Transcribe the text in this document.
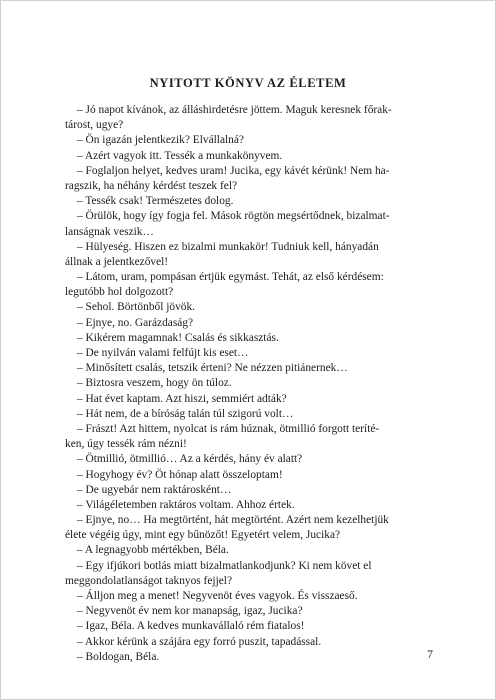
NYITOTT KÖNYV AZ ÉLETEM
– Jó napot kívánok, az álláshirdetésre jöttem. Maguk keresnek főrak-
tárost, ugye?
– Ön igazán jelentkezik? Elvállalná?
– Azért vagyok itt. Tessék a munkakönyvem.
– Foglaljon helyet, kedves uram! Jucika, egy kávét kérünk! Nem ha-
ragszik, ha néhány kérdést teszek fel?
– Tessék csak! Természetes dolog.
– Örülök, hogy így fogja fel. Mások rögtön megsértődnek, bizalmat-
lanságnak veszik…
– Hülyeség. Hiszen ez bizalmi munkakör! Tudniuk kell, hányadán
állnak a jelentkezővel!
– Látom, uram, pompásan értjük egymást. Tehát, az első kérdésem:
legutóbb hol dolgozott?
– Sehol. Börtönből jövök.
– Ejnye, no. Garázdaság?
– Kikérem magamnak! Csalás és sikkasztás.
– De nyilván valami felfújt kis eset…
– Minősített csalás, tetszik érteni? Ne nézzen pitiánernek…
– Biztosra veszem, hogy ön túloz.
– Hat évet kaptam. Azt hiszi, semmiért adták?
– Hát nem, de a bíróság talán túl szigorú volt…
– Frászt! Azt hittem, nyolcat is rám húznak, ötmillió forgott teríté-
ken, úgy tessék rám nézni!
– Ötmillió, ötmillió… Az a kérdés, hány év alatt?
– Hogyhogy év? Öt hónap alatt összeloptam!
– De ugyebár nem raktárosként…
– Világéletemben raktáros voltam. Ahhoz értek.
– Ejnye, no… Ha megtörtént, hát megtörtént. Azért nem kezelhetjük
élete végéig úgy, mint egy bűnözőt! Egyetért velem, Jucika?
– A legnagyobb mértékben, Béla.
– Egy ifjúkori botlás miatt bizalmatlankodjunk? Ki nem követ el
meggondolatlanságot taknyos fejjel?
– Álljon meg a menet! Negyvenöt éves vagyok. És visszaeső.
– Negyvenöt év nem kor manapság, igaz, Jucika?
– Igaz, Béla. A kedves munkavállaló rém fiatalos!
– Akkor kérünk a szájára egy forró puszit, tapadással.
– Boldogan, Béla.	7
